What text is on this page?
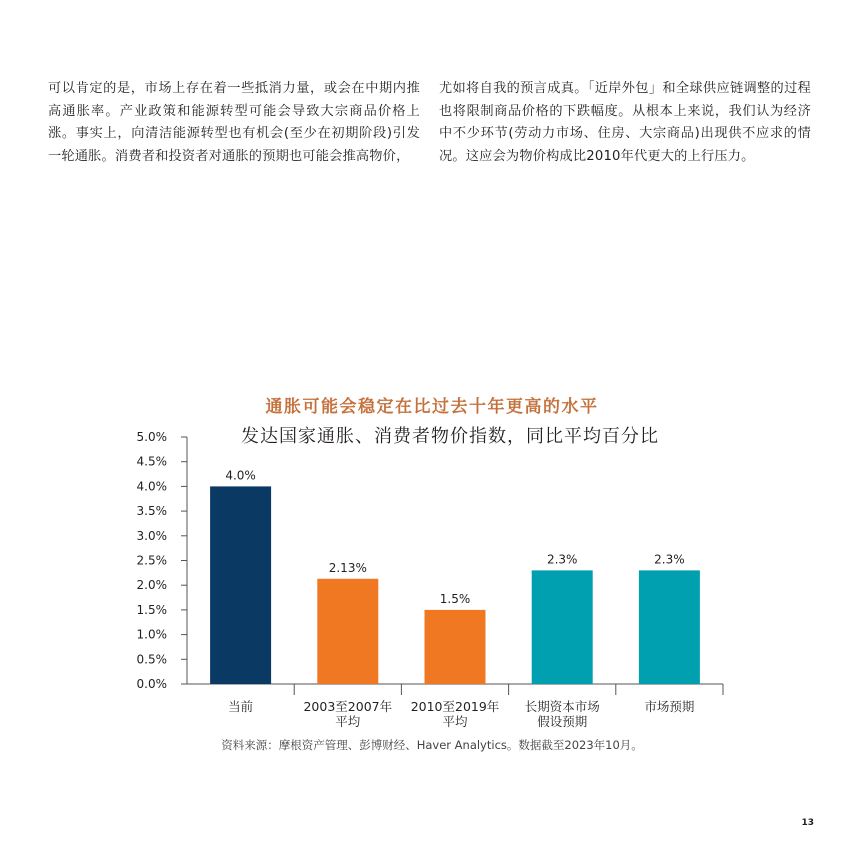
可以肯定的是，市场上存在着一些抵消力量，或会在中期内推高通胀率。产业政策和能源转型可能会导致大宗商品价格上涨。事实上，向清洁能源转型也有机会(至少在初期阶段)引发一轮通胀。消费者和投资者对通胀的预期也可能会推高物价，
尤如将自我的预言成真。「近岸外包」和全球供应链调整的过程也将限制商品价格的下跌幅度。从根本上来说，我们认为经济中不少环节(劳动力市场、住房、大宗商品)出现供不应求的情况。这应会为物价构成比2010年代更大的上行压力。
通胀可能会稳定在比过去十年更高的水平
发达国家通胀、消费者物价指数，同比平均百分比
0.0%
0.5%
1.0%
1.5%
2.0%
2.5%
3.0%
3.5%
4.0%
4.5%
5.0%
4.0%
当前
2.13%
2003至2007年
平均
1.5%
2010至2019年
平均
2.3%
长期资本市场
假设预期
2.3%
市场预期
资料来源：摩根资产管理、彭博财经、Haver Analytics。数据截至2023年10月。
13
